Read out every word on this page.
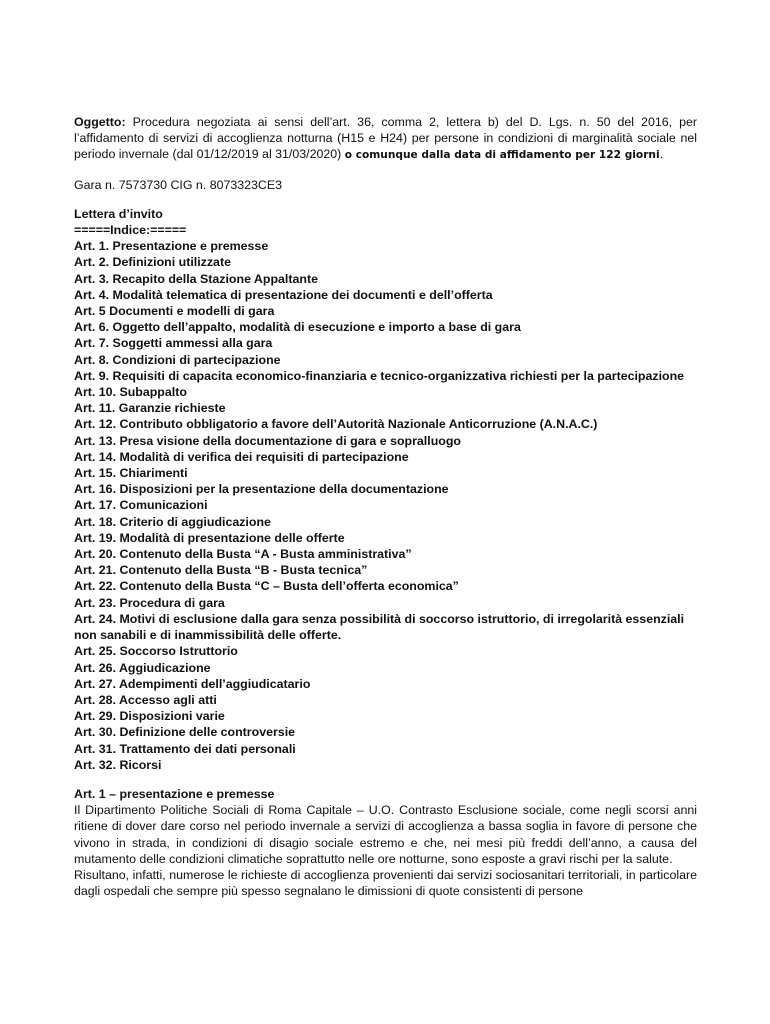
Oggetto: Procedura negoziata ai sensi dell’art. 36, comma 2, lettera b) del D. Lgs. n. 50 del 2016, per l’affidamento di servizi di accoglienza notturna (H15 e H24) per persone in condizioni di marginalità sociale nel periodo invernale (dal 01/12/2019 al 31/03/2020) o comunque dalla data di affidamento per 122 giorni.

Gara n. 7573730 CIG n. 8073323CE3

Lettera d’invito

=====Indice:=====

Art. 1. Presentazione e premesse
Art. 2. Definizioni utilizzate
Art. 3. Recapito della Stazione Appaltante
Art. 4. Modalità telematica di presentazione dei documenti e dell’offerta
Art. 5 Documenti e modelli di gara
Art. 6. Oggetto dell’appalto, modalità di esecuzione e importo a base di gara
Art. 7. Soggetti ammessi alla gara
Art. 8. Condizioni di partecipazione
Art. 9. Requisiti di capacita economico-finanziaria e tecnico-organizzativa richiesti per la partecipazione
Art. 10. Subappalto
Art. 11. Garanzie richieste
Art. 12. Contributo obbligatorio a favore dell’Autorità Nazionale Anticorruzione (A.N.A.C.)
Art. 13. Presa visione della documentazione di gara e sopralluogo
Art. 14. Modalità di verifica dei requisiti di partecipazione
Art. 15. Chiarimenti
Art. 16. Disposizioni per la presentazione della documentazione
Art. 17. Comunicazioni
Art. 18. Criterio di aggiudicazione
Art. 19. Modalità di presentazione delle offerte
Art. 20. Contenuto della Busta “A - Busta amministrativa”
Art. 21. Contenuto della Busta “B - Busta tecnica”
Art. 22. Contenuto della Busta “C – Busta dell’offerta economica”
Art. 23. Procedura di gara
Art. 24. Motivi di esclusione dalla gara senza possibilità di soccorso istruttorio, di irregolarità essenziali non sanabili e di inammissibilità delle offerte.
Art. 25. Soccorso Istruttorio
Art. 26. Aggiudicazione
Art. 27. Adempimenti dell’aggiudicatario
Art. 28. Accesso agli atti
Art. 29. Disposizioni varie
Art. 30. Definizione delle controversie
Art. 31. Trattamento dei dati personali
Art. 32. Ricorsi

Art. 1 – presentazione e premesse

Il Dipartimento Politiche Sociali di Roma Capitale – U.O. Contrasto Esclusione sociale, come negli scorsi anni ritiene di dover dare corso nel periodo invernale a servizi di accoglienza a bassa soglia in favore di persone che vivono in strada, in condizioni di disagio sociale estremo e che, nei mesi più freddi dell’anno, a causa del mutamento delle condizioni climatiche soprattutto nelle ore notturne, sono esposte a gravi rischi per la salute.

Risultano, infatti, numerose le richieste di accoglienza provenienti dai servizi sociosanitari territoriali, in particolare dagli ospedali che sempre più spesso segnalano le dimissioni di quote consistenti di persone
